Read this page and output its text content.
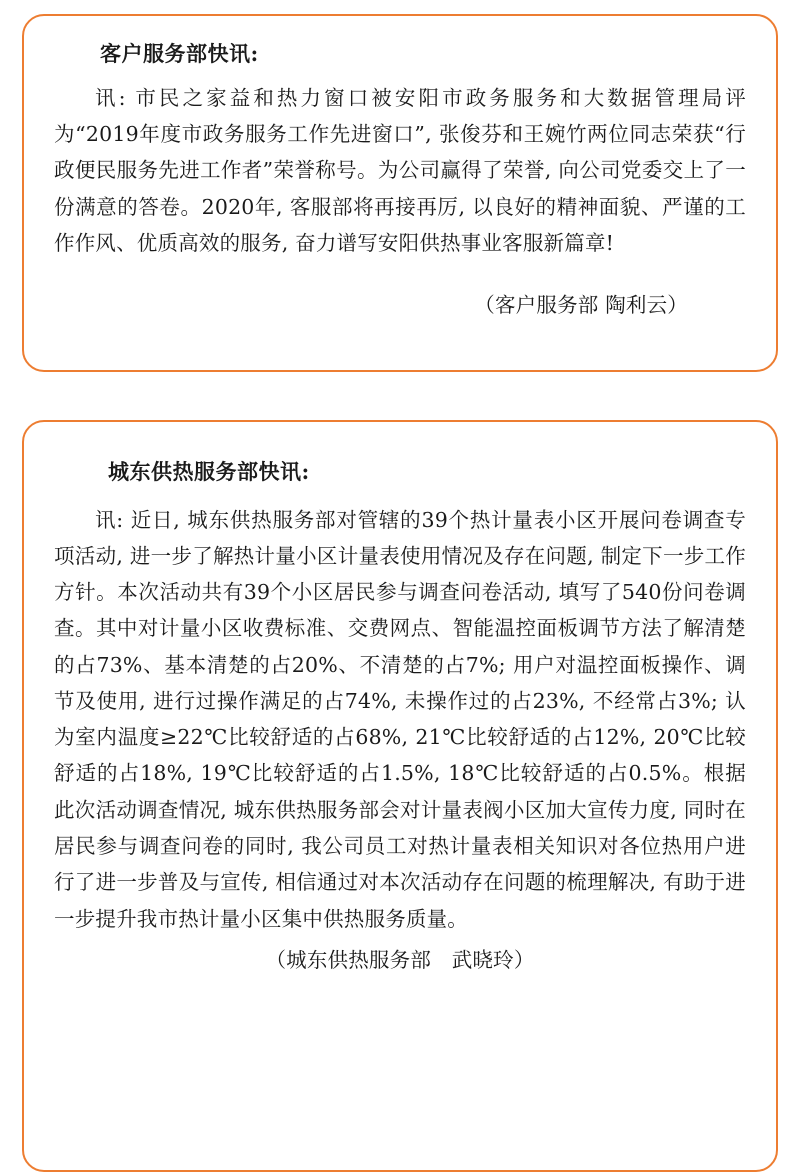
客户服务部快讯:

讯: 市民之家益和热力窗口被安阳市政务服务和大数据管理局评为“2019年度市政务服务工作先进窗口”, 张俊芬和王婉竹两位同志荣获“行政便民服务先进工作者”荣誉称号。为公司赢得了荣誉, 向公司党委交上了一份满意的答卷。2020年, 客服部将再接再厉, 以良好的精神面貌、严谨的工作作风、优质高效的服务, 奋力谱写安阳供热事业客服新篇章!

（客户服务部 陶利云）
城东供热服务部快讯:

讯: 近日, 城东供热服务部对管辖的39个热计量表小区开展问卷调查专项活动, 进一步了解热计量小区计量表使用情况及存在问题, 制定下一步工作方针。本次活动共有39个小区居民参与调查问卷活动, 填写了540份问卷调查。其中对计量小区收费标准、交费网点、智能温控面板调节方法了解清楚的占73%、基本清楚的占20%、不清楚的占7%; 用户对温控面板操作、调节及使用, 进行过操作满足的占74%, 未操作过的占23%, 不经常占3%; 认为室内温度≥22℃比较舒适的占68%, 21℃比较舒适的占12%, 20℃比较舒适的占18%, 19℃比较舒适的占1.5%, 18℃比较舒适的占0.5%。根据此次活动调查情况, 城东供热服务部会对计量表阀小区加大宣传力度, 同时在居民参与调查问卷的同时, 我公司员工对热计量表相关知识对各位热用户进行了进一步普及与宣传, 相信通过对本次活动存在问题的梳理解决, 有助于进一步提升我市热计量小区集中供热服务质量。

（城东供热服务部　武晓玲）
